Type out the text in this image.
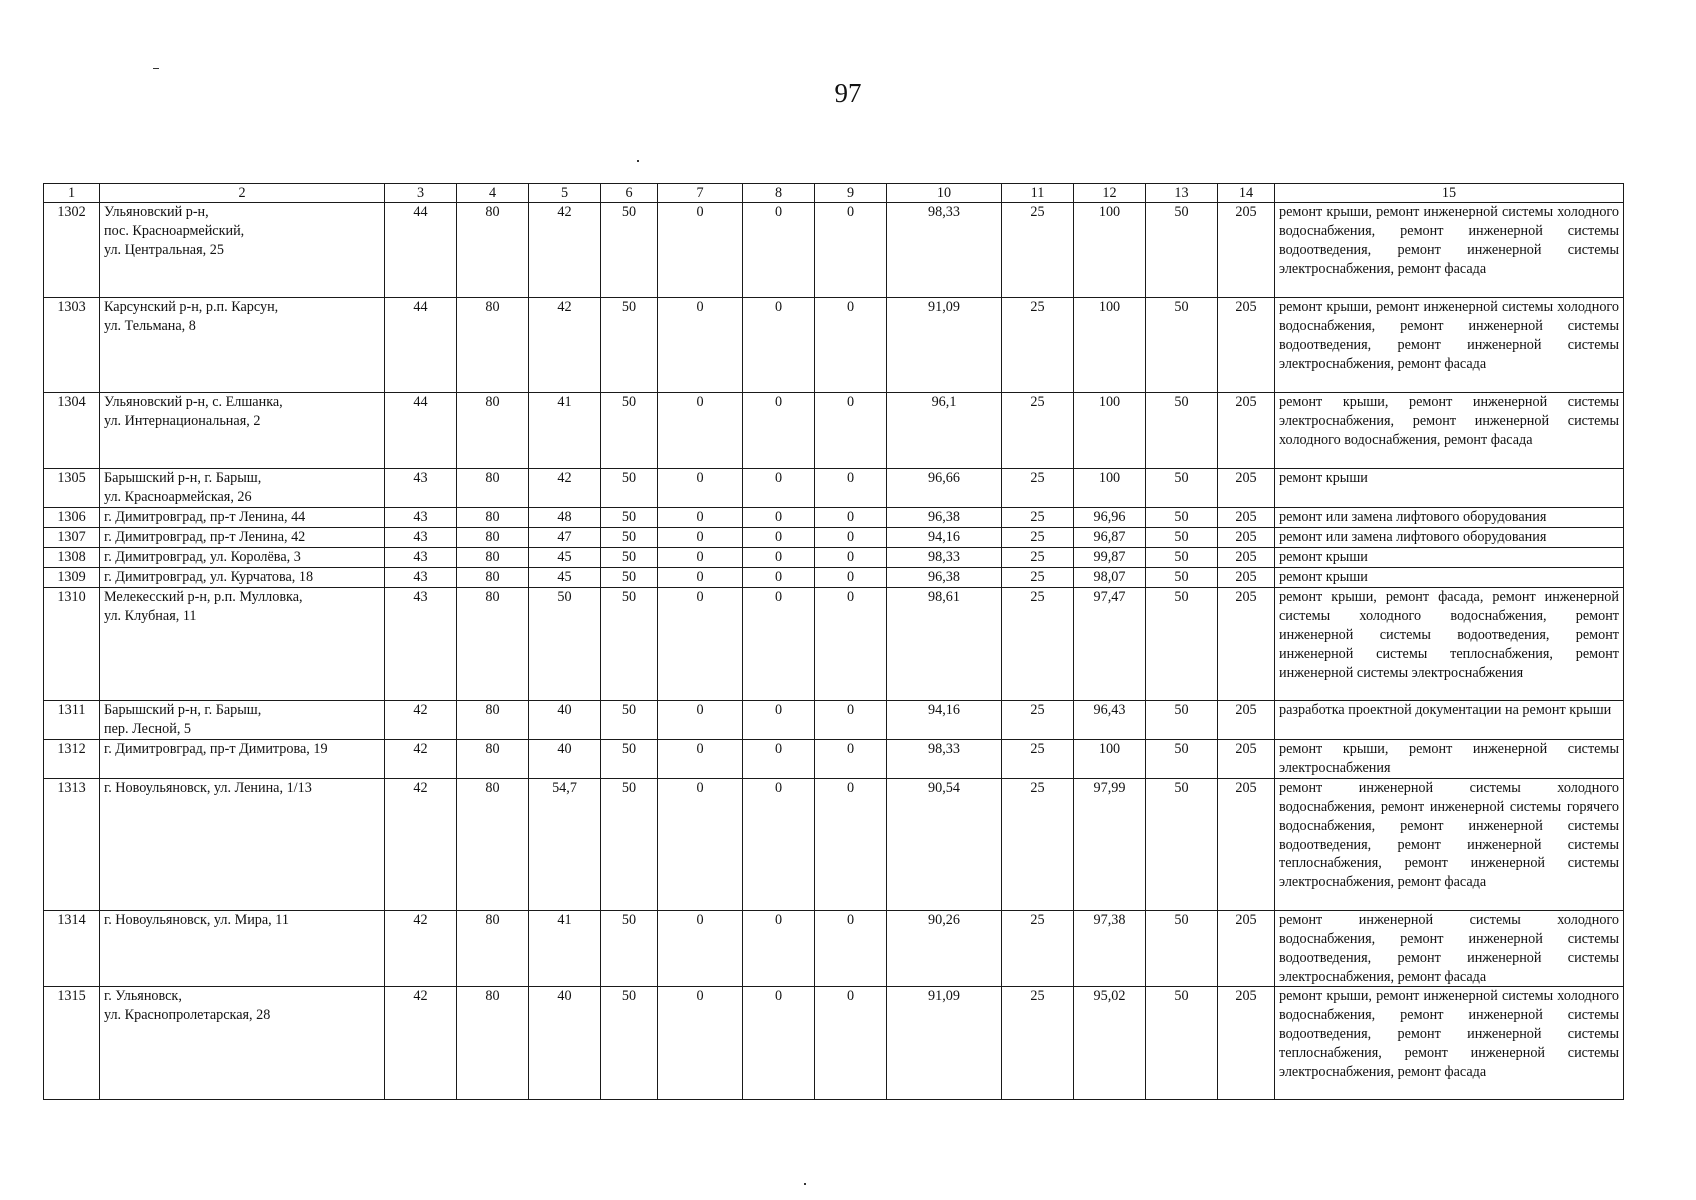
97
1	2	3	4	5	6	7	8	9	10	11	12	13	14	15
1302	Ульяновский р-н,
пос. Красноармейский,
ул. Центральная, 25	44	80	42	50	0	0	0	98,33	25	100	50	205	ремонт крыши, ремонт инженерной системы холодного водоснабжения, ремонт инженерной системы водоотведения, ремонт инженерной системы электроснабжения, ремонт фасада
1303	Карсунский р-н, р.п. Карсун,
ул. Тельмана, 8	44	80	42	50	0	0	0	91,09	25	100	50	205	ремонт крыши, ремонт инженерной системы холодного водоснабжения, ремонт инженерной системы водоотведения, ремонт инженерной системы электроснабжения, ремонт фасада
1304	Ульяновский р-н, с. Елшанка,
ул. Интернациональная, 2	44	80	41	50	0	0	0	96,1	25	100	50	205	ремонт крыши, ремонт инженерной системы электроснабжения, ремонт инженерной системы холодного водоснабжения, ремонт фасада
1305	Барышский р-н, г. Барыш,
ул. Красноармейская, 26	43	80	42	50	0	0	0	96,66	25	100	50	205	ремонт крыши
1306	г. Димитровград, пр-т Ленина, 44	43	80	48	50	0	0	0	96,38	25	96,96	50	205	ремонт или замена лифтового оборудования
1307	г. Димитровград, пр-т Ленина, 42	43	80	47	50	0	0	0	94,16	25	96,87	50	205	ремонт или замена лифтового оборудования
1308	г. Димитровград, ул. Королёва, 3	43	80	45	50	0	0	0	98,33	25	99,87	50	205	ремонт крыши
1309	г. Димитровград, ул. Курчатова, 18	43	80	45	50	0	0	0	96,38	25	98,07	50	205	ремонт крыши
1310	Мелекесский р-н, р.п. Мулловка,
ул. Клубная, 11	43	80	50	50	0	0	0	98,61	25	97,47	50	205	ремонт крыши, ремонт фасада, ремонт инженерной системы холодного водоснабжения, ремонт инженерной системы водоотведения, ремонт инженерной системы теплоснабжения, ремонт инженерной системы электроснабжения
1311	Барышский р-н, г. Барыш,
пер. Лесной, 5	42	80	40	50	0	0	0	94,16	25	96,43	50	205	разработка проектной документации на ремонт крыши
1312	г. Димитровград, пр-т Димитрова, 19	42	80	40	50	0	0	0	98,33	25	100	50	205	ремонт крыши, ремонт инженерной системы электроснабжения
1313	г. Новоульяновск, ул. Ленина, 1/13	42	80	54,7	50	0	0	0	90,54	25	97,99	50	205	ремонт инженерной системы холодного водоснабжения, ремонт инженерной системы горячего водоснабжения, ремонт инженерной системы водоотведения, ремонт инженерной системы теплоснабжения, ремонт инженерной системы электроснабжения, ремонт фасада
1314	г. Новоульяновск, ул. Мира, 11	42	80	41	50	0	0	0	90,26	25	97,38	50	205	ремонт инженерной системы холодного водоснабжения, ремонт инженерной системы водоотведения, ремонт инженерной системы электроснабжения, ремонт фасада
1315	г. Ульяновск,
ул. Краснопролетарская, 28	42	80	40	50	0	0	0	91,09	25	95,02	50	205	ремонт крыши, ремонт инженерной системы холодного водоснабжения, ремонт инженерной системы водоотведения, ремонт инженерной системы теплоснабжения, ремонт инженерной системы электроснабжения, ремонт фасада
